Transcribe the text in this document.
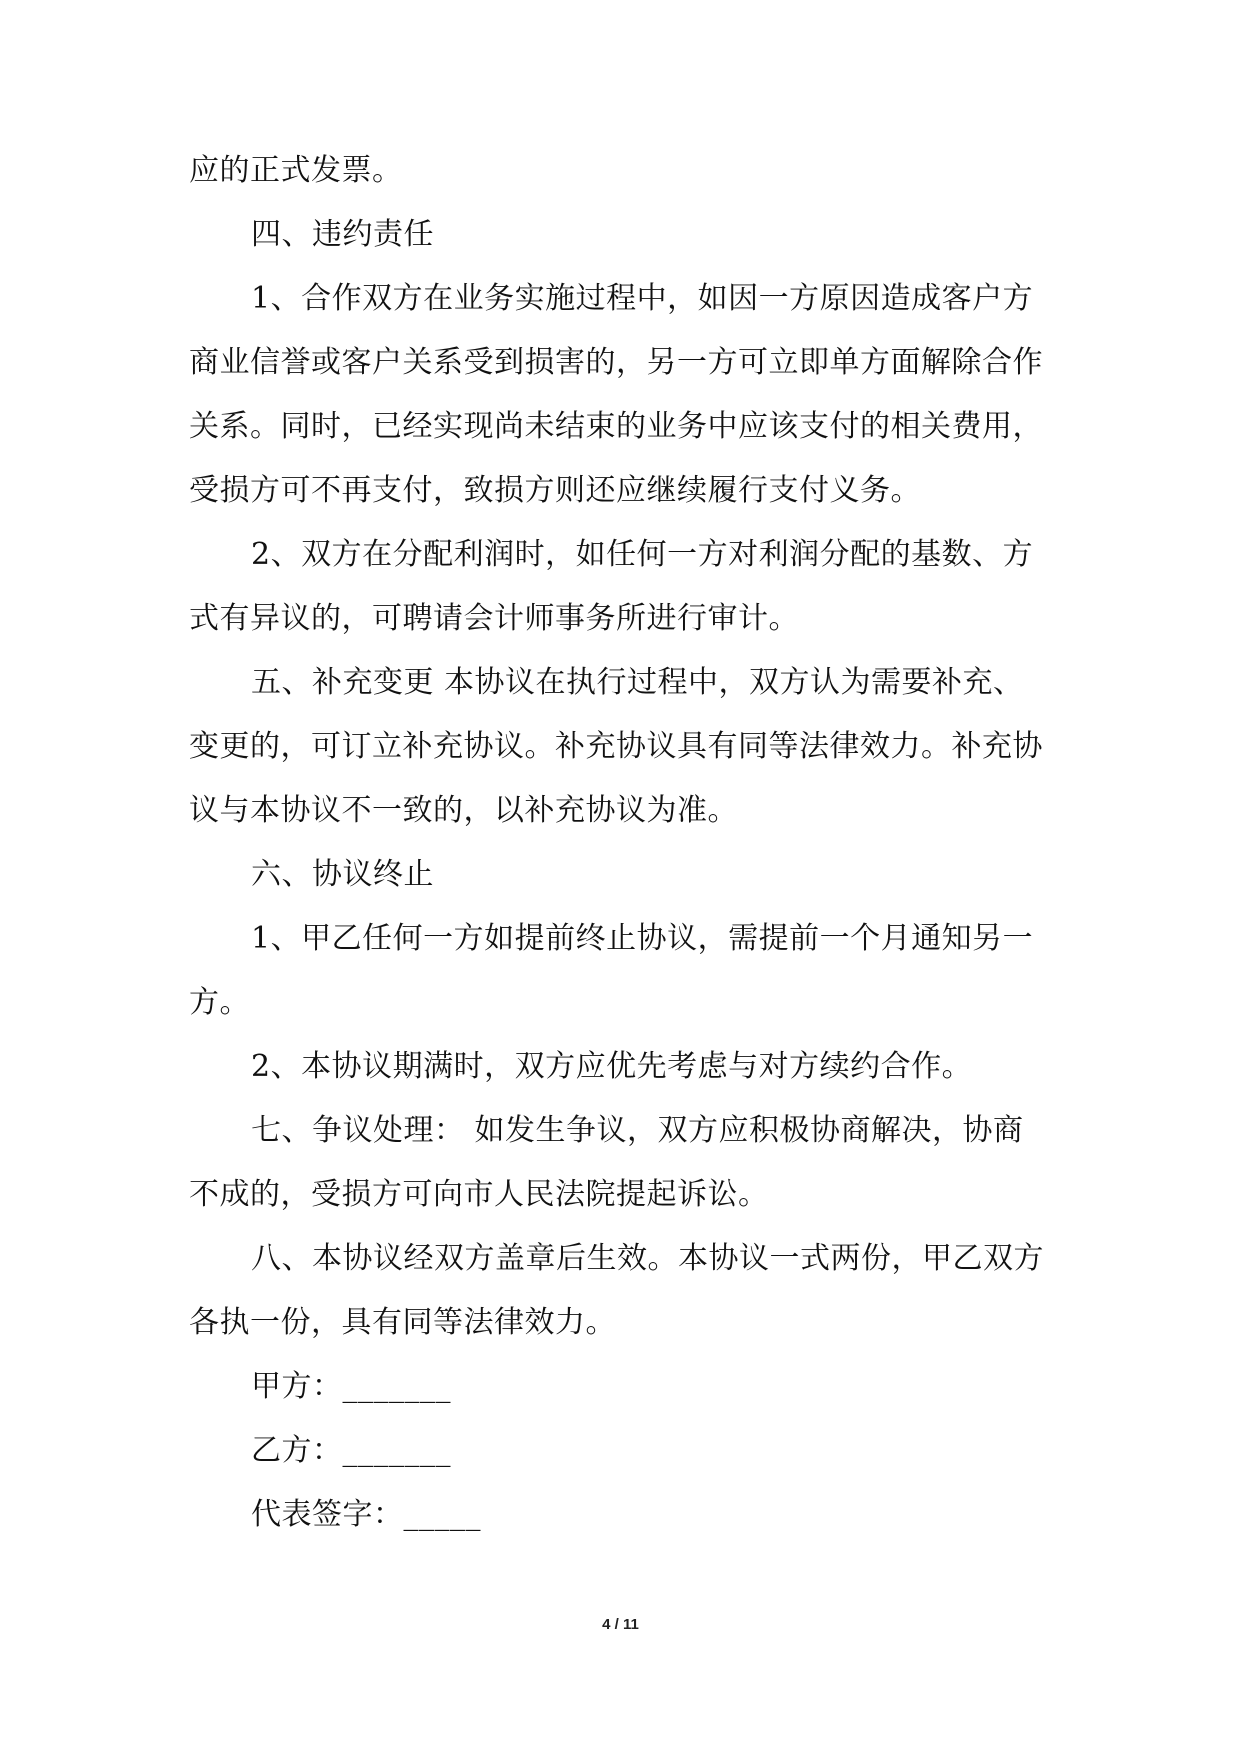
应的正式发票。
四、违约责任
1、合作双方在业务实施过程中，如因一方原因造成客户方
商业信誉或客户关系受到损害的，另一方可立即单方面解除合作
关系。同时，已经实现尚未结束的业务中应该支付的相关费用，
受损方可不再支付，致损方则还应继续履行支付义务。
2、双方在分配利润时，如任何一方对利润分配的基数、方
式有异议的，可聘请会计师事务所进行审计。
五、补充变更 本协议在执行过程中，双方认为需要补充、
变更的，可订立补充协议。补充协议具有同等法律效力。补充协
议与本协议不一致的，以补充协议为准。
六、协议终止
1、甲乙任何一方如提前终止协议，需提前一个月通知另一
方。
2、本协议期满时，双方应优先考虑与对方续约合作。
七、争议处理： 如发生争议，双方应积极协商解决，协商
不成的，受损方可向市人民法院提起诉讼。
八、本协议经双方盖章后生效。本协议一式两份，甲乙双方
各执一份，具有同等法律效力。
甲方：_______
乙方：_______
代表签字：_____
4 / 11
